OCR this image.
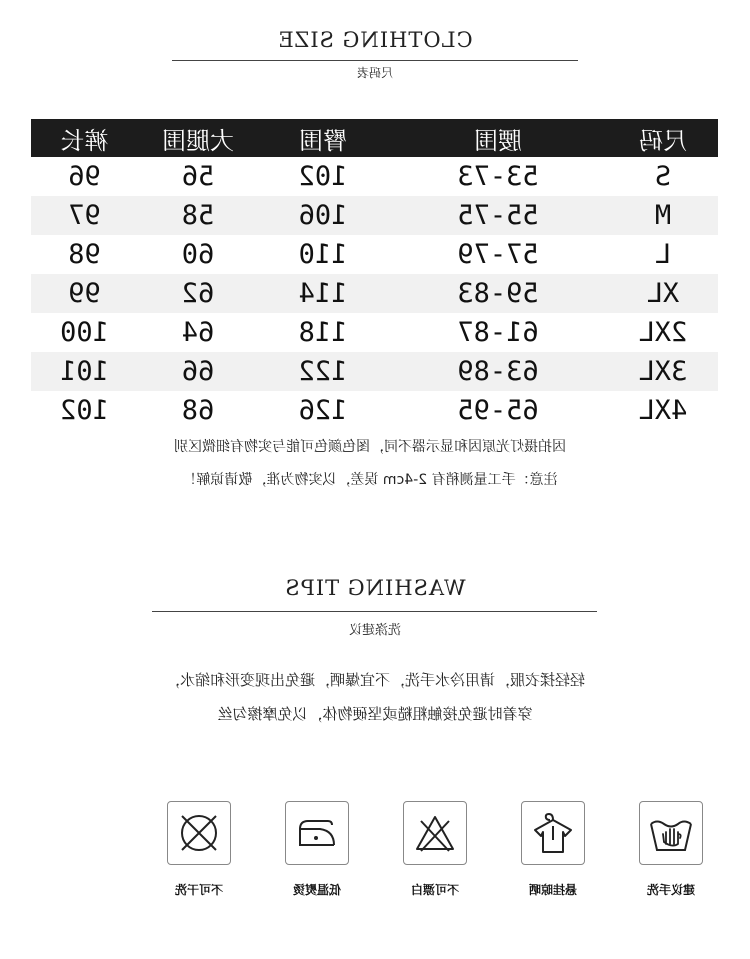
CLOTHING SIZE
尺码表
尺码	腰围	臀围	大腿围	裤长
S	53-73	102	56	96
M	55-75	106	58	97
L	57-79	110	60	98
XL	59-83	114	62	99
2XL	61-87	118	64	100
3XL	63-89	122	66	101
4XL	65-95	126	68	102
因拍摄灯光原因和显示器不同，图色颜色可能与实物有细微区别
注意：手工量测稍有 2-4cm 误差，以实物为准，敬请谅解！
WASHING TIPS
洗涤建议
轻轻揉衣服，请用冷水手洗，不宜爆晒，避免出现变形和缩水，
穿着时避免接触粗糙或坚硬物体，以免摩擦勾丝
建议手洗
悬挂晾晒
不可漂白
低温熨烫
不可干洗
